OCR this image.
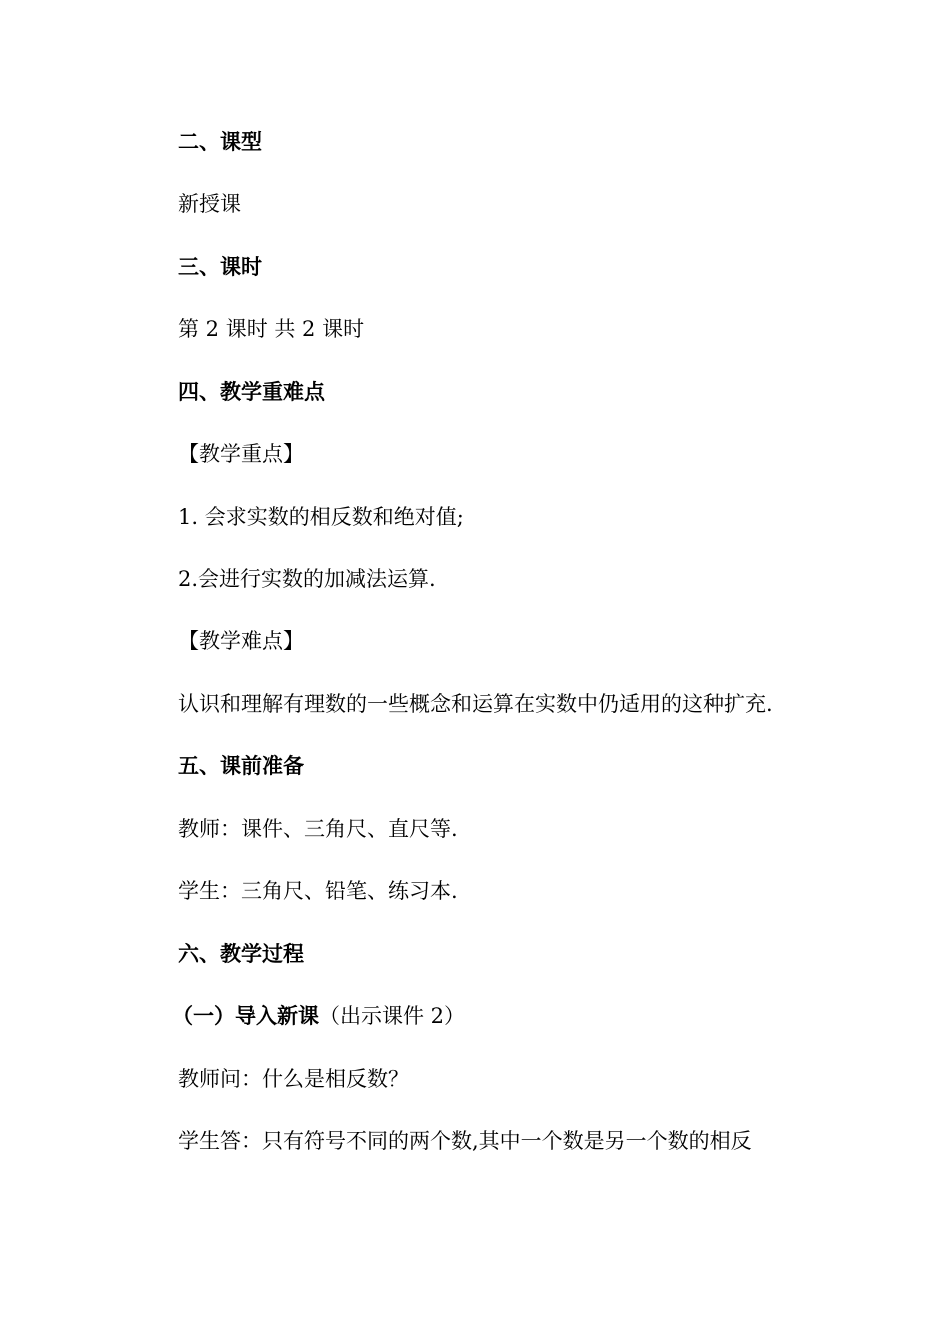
二、课型
新授课
三、课时
第 2 课时 共 2 课时
四、教学重难点
【教学重点】
1. 会求实数的相反数和绝对值;
2.会进行实数的加减法运算.
【教学难点】
认识和理解有理数的一些概念和运算在实数中仍适用的这种扩充.
五、课前准备
教师：课件、三角尺、直尺等.
学生：三角尺、铅笔、练习本.
六、教学过程
（一）导入新课（出示课件 2）
教师问：什么是相反数？
学生答：只有符号不同的两个数,其中一个数是另一个数的相反
